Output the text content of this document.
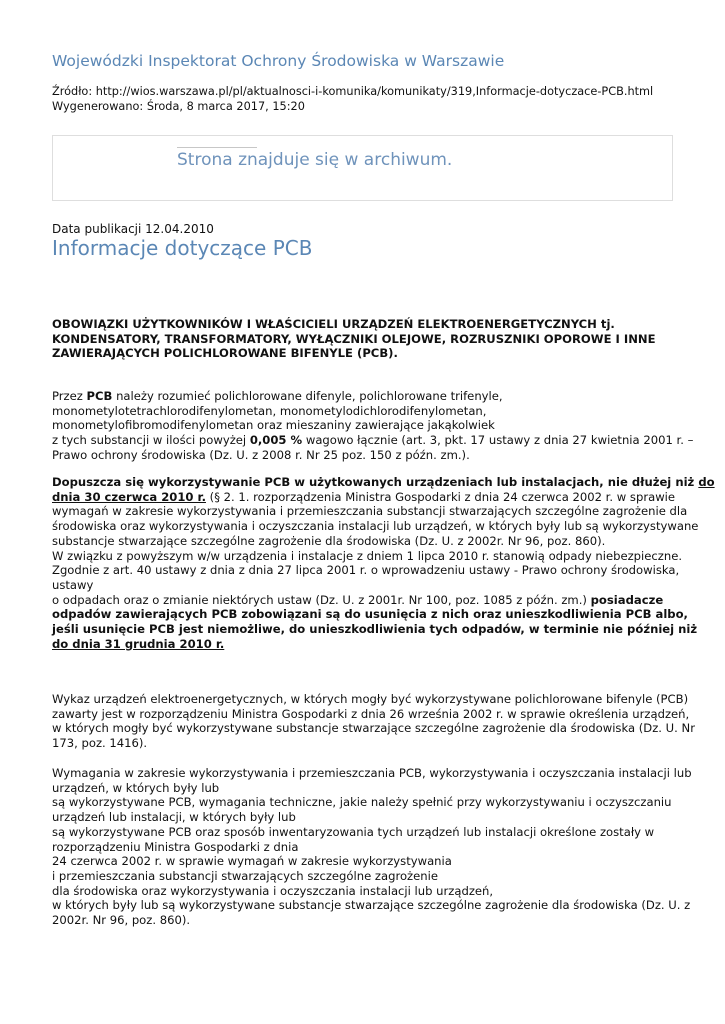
Wojewódzki Inspektorat Ochrony Środowiska w Warszawie
Źródło: http://wios.warszawa.pl/pl/aktualnosci-i-komunika/komunikaty/319,Informacje-dotyczace-PCB.html
Wygenerowano: Środa, 8 marca 2017, 15:20
Strona znajduje się w archiwum.
Data publikacji 12.04.2010
Informacje dotyczące PCB
OBOWIĄZKI UŻYTKOWNIKÓW I WŁAŚCICIELI URZĄDZEŃ ELEKTROENERGETYCZNYCH tj.
KONDENSATORY, TRANSFORMATORY, WYŁĄCZNIKI OLEJOWE, ROZRUSZNIKI OPOROWE I INNE
ZAWIERAJĄCYCH POLICHLOROWANE BIFENYLE (PCB).
Przez PCB należy rozumieć polichlorowane difenyle, polichlorowane trifenyle,
monometylotetrachlorodifenylometan, monometylodichlorodifenylometan,
monometylofibromodifenylometan oraz mieszaniny zawierające jakąkolwiek
z tych substancji w ilości powyżej 0,005 % wagowo łącznie (art. 3, pkt. 17 ustawy z dnia 27 kwietnia 2001 r. –
Prawo ochrony środowiska (Dz. U. z 2008 r. Nr 25 poz. 150 z późn. zm.).
Dopuszcza się wykorzystywanie PCB w użytkowanych urządzeniach lub instalacjach, nie dłużej niż do
dnia 30 czerwca 2010 r. (§ 2. 1. rozporządzenia Ministra Gospodarki z dnia 24 czerwca 2002 r. w sprawie
wymagań w zakresie wykorzystywania i przemieszczania substancji stwarzających szczególne zagrożenie dla
środowiska oraz wykorzystywania i oczyszczania instalacji lub urządzeń, w których były lub są wykorzystywane
substancje stwarzające szczególne zagrożenie dla środowiska (Dz. U. z 2002r. Nr 96, poz. 860).
W związku z powyższym w/w urządzenia i instalacje z dniem 1 lipca 2010 r. stanowią odpady niebezpieczne.
Zgodnie z art. 40 ustawy z dnia z dnia 27 lipca 2001 r. o wprowadzeniu ustawy - Prawo ochrony środowiska,
ustawy
o odpadach oraz o zmianie niektórych ustaw (Dz. U. z 2001r. Nr 100, poz. 1085 z późn. zm.) posiadacze
odpadów zawierających PCB zobowiązani są do usunięcia z nich oraz unieszkodliwienia PCB albo,
jeśli usunięcie PCB jest niemożliwe, do unieszkodliwienia tych odpadów, w terminie nie później niż
do dnia 31 grudnia 2010 r.
Wykaz urządzeń elektroenergetycznych, w których mogły być wykorzystywane polichlorowane bifenyle (PCB)
zawarty jest w rozporządzeniu Ministra Gospodarki z dnia 26 września 2002 r. w sprawie określenia urządzeń,
w których mogły być wykorzystywane substancje stwarzające szczególne zagrożenie dla środowiska (Dz. U. Nr
173, poz. 1416).
Wymagania w zakresie wykorzystywania i przemieszczania PCB, wykorzystywania i oczyszczania instalacji lub
urządzeń, w których były lub
są wykorzystywane PCB, wymagania techniczne, jakie należy spełnić przy wykorzystywaniu i oczyszczaniu
urządzeń lub instalacji, w których były lub
są wykorzystywane PCB oraz sposób inwentaryzowania tych urządzeń lub instalacji określone zostały w
rozporządzeniu Ministra Gospodarki z dnia
24 czerwca 2002 r. w sprawie wymagań w zakresie wykorzystywania
i przemieszczania substancji stwarzających szczególne zagrożenie
dla środowiska oraz wykorzystywania i oczyszczania instalacji lub urządzeń,
w których były lub są wykorzystywane substancje stwarzające szczególne zagrożenie dla środowiska (Dz. U. z
2002r. Nr 96, poz. 860).
